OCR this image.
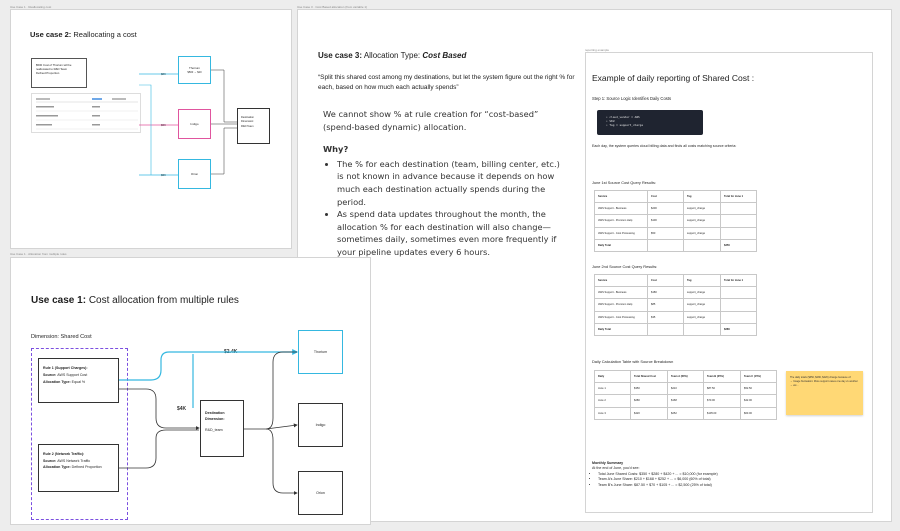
Use Case 1 · Reallocating cost
Use case 2: Reallocating a cost
$500 Cost of Thorium will be
reallocated to R&D Team
Defined Proportion
Thorium
$500 → $20
Indigo
Orion
Destination Dimension:
R&D Team
$20
$60
$30
Use Case 3 · Cost Based allocation (from variable 1)
Use case 3: Allocation Type: Cost Based
“Split this shared cost among my destinations, but let the system figure out the right % for each, based on how much each actually spends”
We cannot show % at rule creation for “cost-based” (spend-based dynamic) allocation.
Why?
• The % for each destination (team, billing center, etc.) is not known in advance because it depends on how much each destination actually spends during the period.
• As spend data updates throughout the month, the allocation % for each destination will also change—sometimes daily, sometimes even more frequently if your pipeline updates every 6 hours.
reporting example
Example of daily reporting of Shared Cost :
Step 1: Source Logic Identifies Daily Costs
• cloud_vendor = AWS
• SKU
• Tag = support_charge
Each day, the system queries cloud billing data and finds all costs matching source criteria:
June 1st Source Cost Query Results:
Service	Cost	Tag	Total for June 1
AWS Support - Business	$200	support_charge	
AWS Support - Premium Help	$100	support_charge	
AWS Support - Cost Processing	$50	support_charge	
Daily Total			$350
June 2nd Source Cost Query Results:
Service	Cost	Tag	Total for June 1
AWS Support - Business	$180	support_charge	
AWS Support - Premium Help	$85	support_charge	
AWS Support - Cost Processing	$35	support_charge	
Daily Total			$280
Daily Calculation Table with Source Breakdown
Daily	Total Shared Cost	Team A (60%)	Team B (25%)	Team C (15%)
June 1	$350	$210	$87.50	$52.50
June 2	$280	$168	$70.00	$42.00
June 3	$420	$252	$105.00	$63.00
The daily totals ($350, $280, $420) change because of:
→ Usage fluctuation: More support cases one day vs another
→ etc...
Monthly Summary
At the end of June, you'd see:
• Total June Shared Costs: $350 + $280 + $420 + ... = $10,000 (for example)
• Team A's June Share: $210 + $168 + $252 + ... = $6,000 (60% of total)
• Team B's June Share: $87.50 + $70 + $105 + ... = $2,500 (25% of total)
Use Case 1 · Allocation from multiple rules
Use case 1: Cost allocation from multiple rules
Dimension: Shared Cost
Rule 1 (Support Charges):
Source: AWS Support Cost
Allocation Type: Equal %
Rule 2 (Network Traffic):
Source: AWS Network Traffic
Allocation Type: Defined Proportion
Destination Dimension:
R&D_team
Thorium
Indigo
Orion
$2.4K
$4K
